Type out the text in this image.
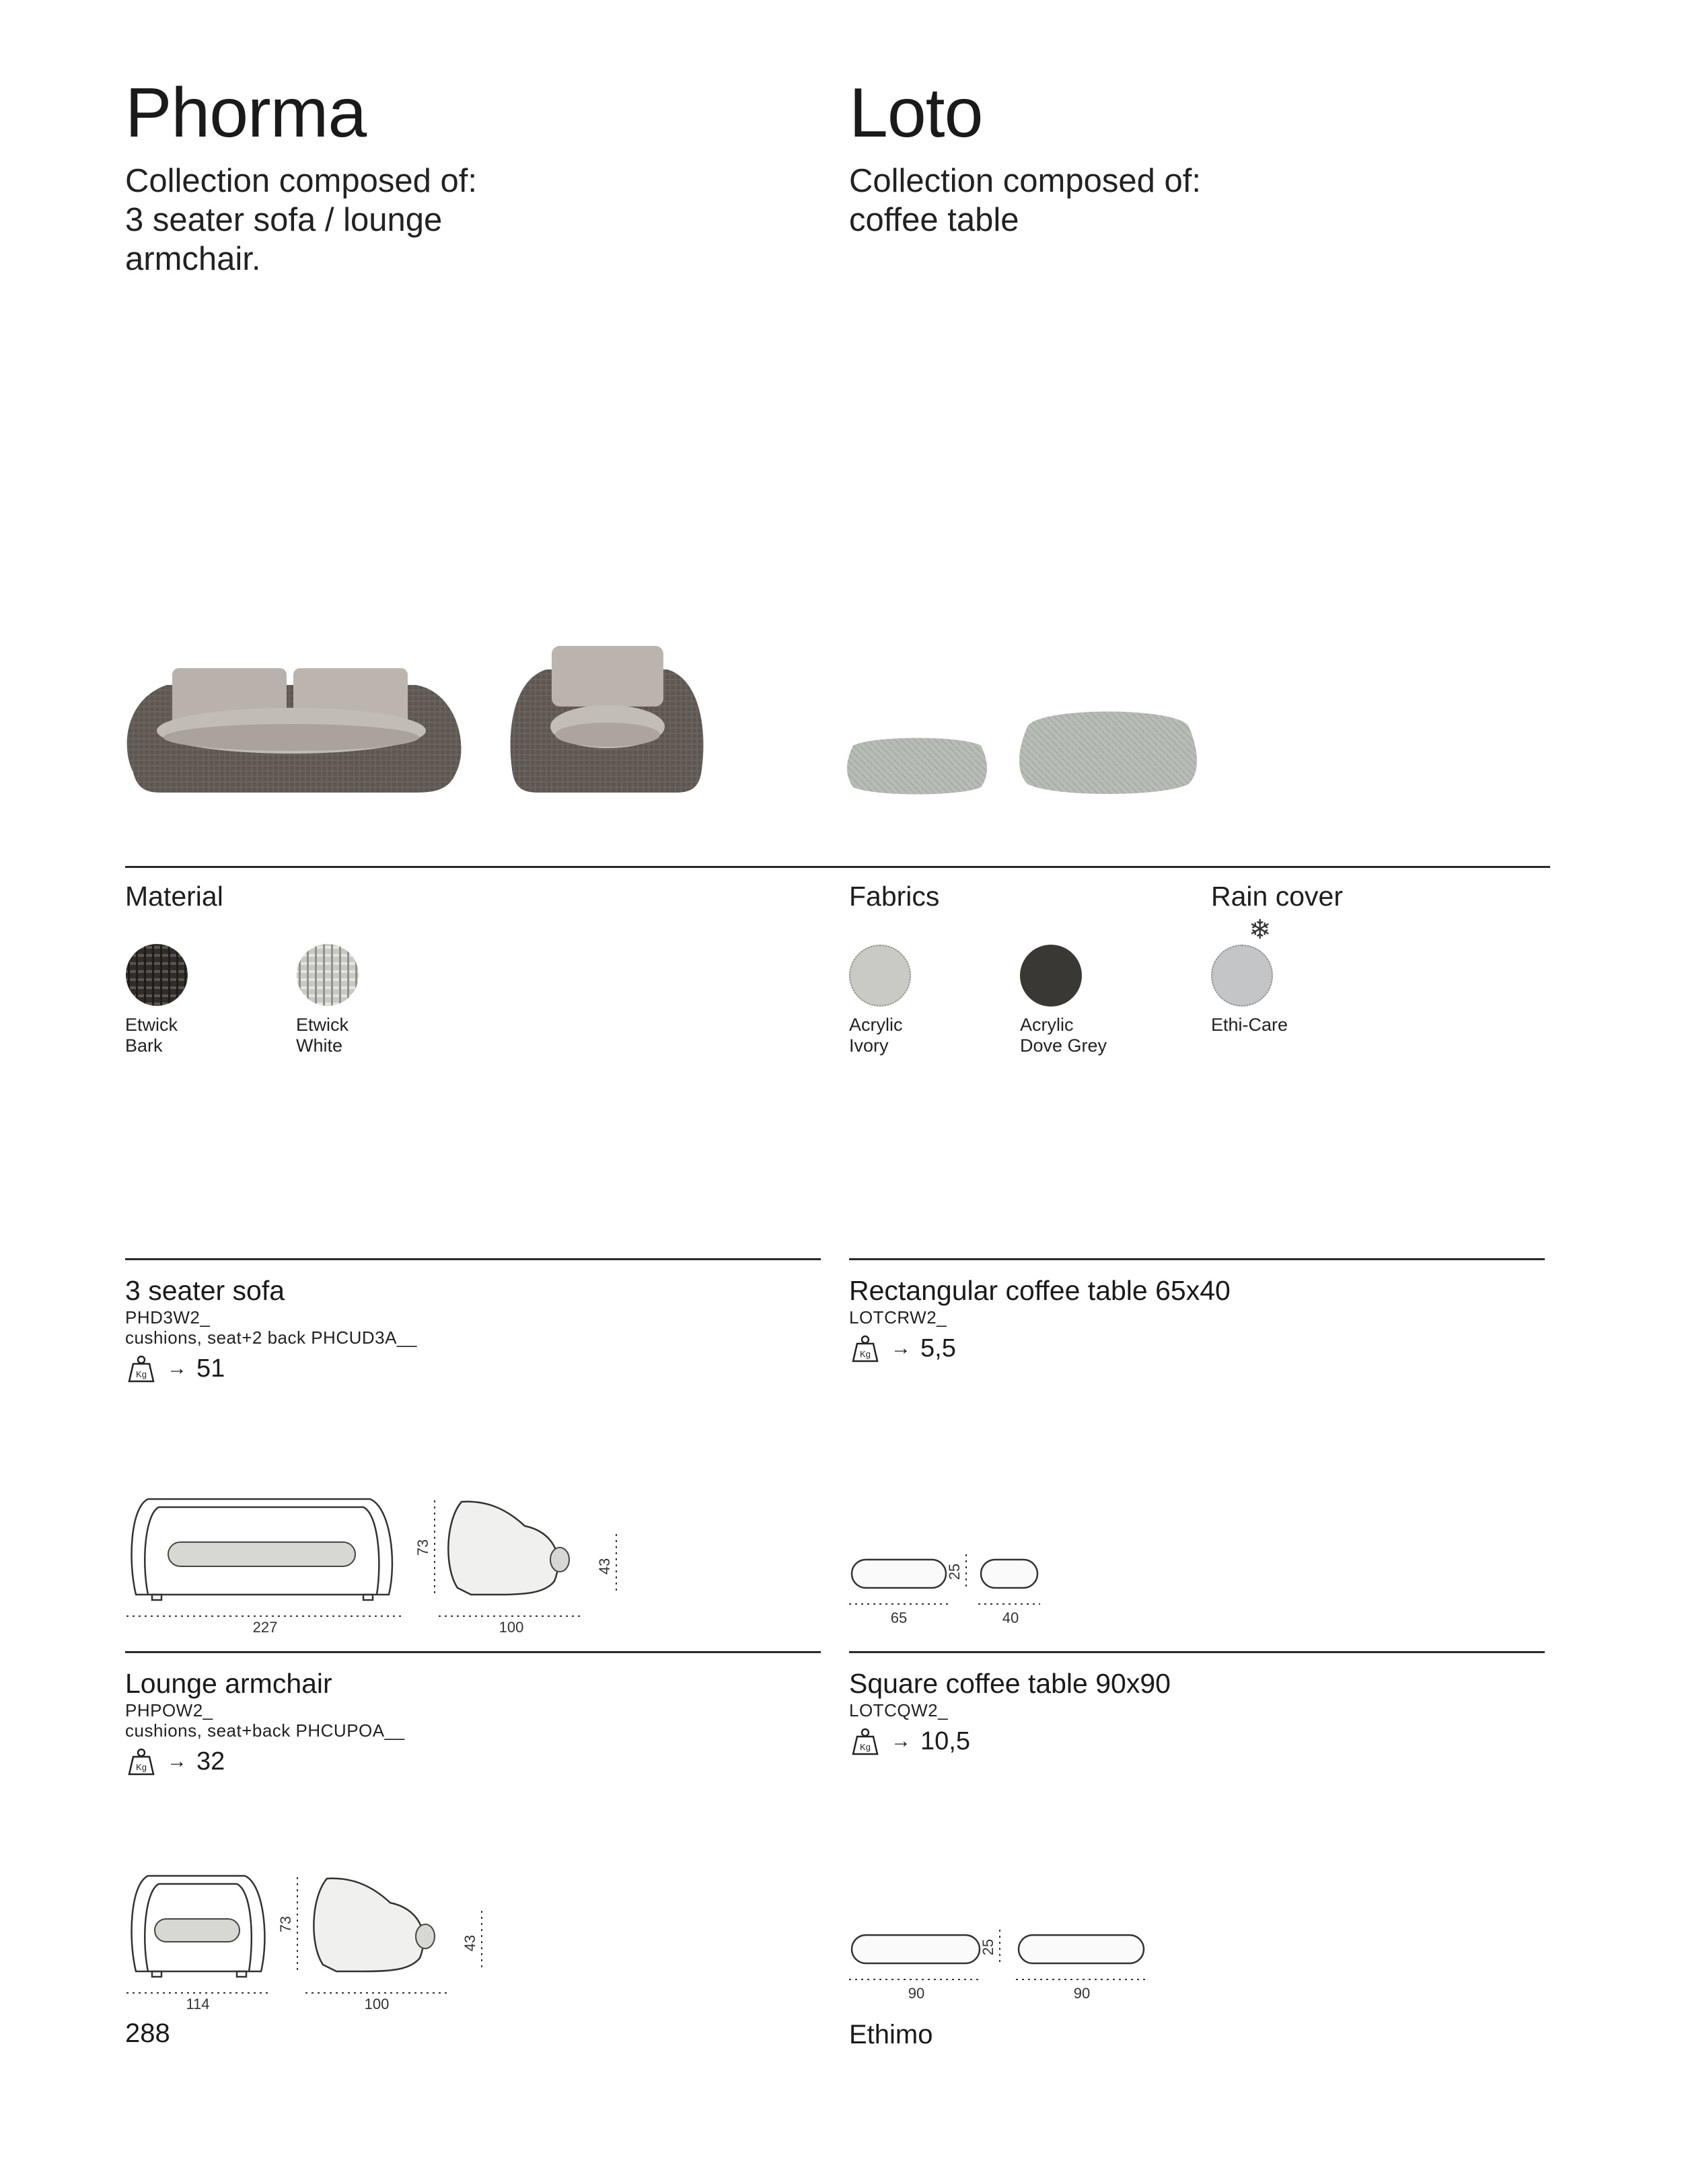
Phorma
Collection composed of:
3 seater sofa / lounge
armchair.
Loto
Collection composed of:
coffee table
Material
Etwick
Bark
Etwick
White
Fabrics
Acrylic
Ivory
Acrylic
Dove Grey
Rain cover
❄
Ethi-Care
3 seater sofa
PHD3W2_
cushions, seat+2 back PHCUD3A__
Kg → 51
227	100
73
43
Rectangular coffee table 65x40
LOTCRW2_
Kg → 5,5
65	40
25
Lounge armchair
PHPOW2_
cushions, seat+back PHCUPOA__
Kg → 32
114	100
73
43
Square coffee table 90x90
LOTCQW2_
Kg → 10,5
90	90
25
288	Ethimo
